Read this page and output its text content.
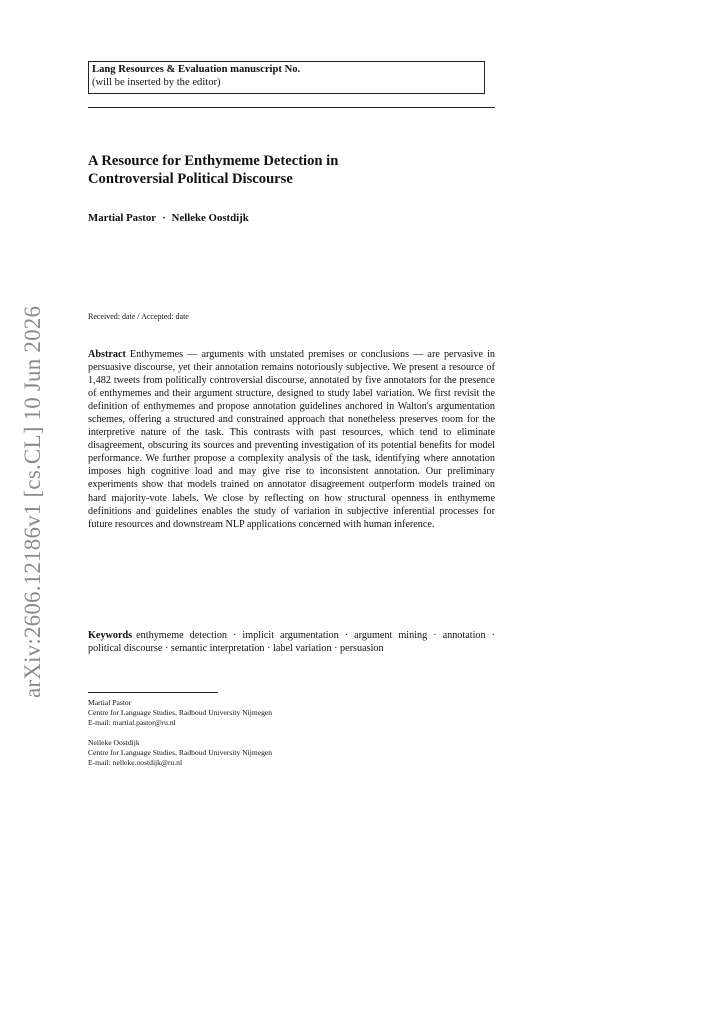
arXiv:2606.12186v1 [cs.CL] 10 Jun 2026
Lang Resources & Evaluation manuscript No.
(will be inserted by the editor)
A Resource for Enthymeme Detection in
Controversial Political Discourse
Martial Pastor · Nelleke Oostdijk
Received: date / Accepted: date

Abstract Enthymemes — arguments with unstated premises or conclusions — are pervasive in persuasive discourse, yet their annotation remains notoriously subjective. We present a resource of 1,482 tweets from politically controversial discourse, annotated by five annotators for the presence of enthymemes and their argument structure, designed to study label variation. We first revisit the definition of enthymemes and propose annotation guidelines anchored in Walton's argumentation schemes, offering a structured and constrained approach that nonetheless preserves room for the interpretive nature of the task. This contrasts with past resources, which tend to eliminate disagreement, obscuring its sources and preventing investigation of its potential benefits for model performance. We further propose a complexity analysis of the task, identifying where annotation imposes high cognitive load and may give rise to inconsistent annotation. Our preliminary experiments show that models trained on annotator disagreement outperform models trained on hard majority-vote labels. We close by reflecting on how structural openness in enthymeme definitions and guidelines enables the study of variation in subjective inferential processes for future resources and downstream NLP applications concerned with human inference.

Keywords enthymeme detection · implicit argumentation · argument mining · annotation · political discourse · semantic interpretation · label variation · persuasion

Martial Pastor
Centre for Language Studies, Radboud University Nijmegen
E-mail: martial.pastor@ru.nl
Nelleke Oostdijk
Centre for Language Studies, Radboud University Nijmegen
E-mail: nelleke.oostdijk@ru.nl
